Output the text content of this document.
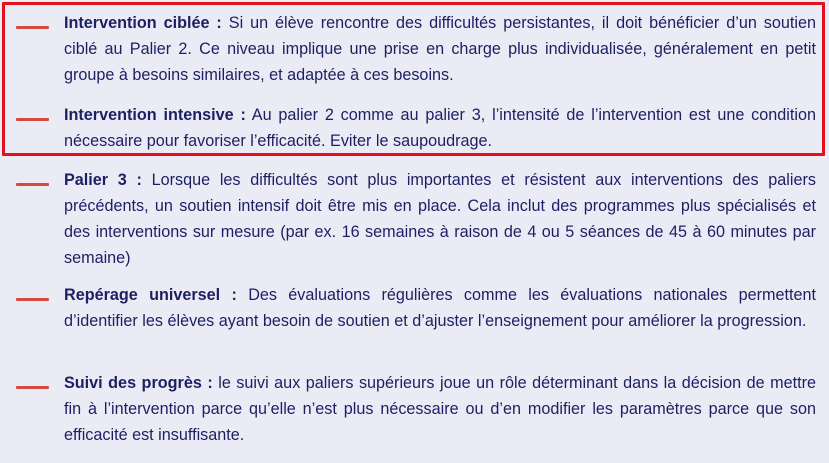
Intervention ciblée : Si un élève rencontre des difficultés persistantes, il doit bénéficier d’un soutien ciblé au Palier 2. Ce niveau implique une prise en charge plus individualisée, généralement en petit groupe à besoins similaires, et adaptée à ces besoins.
Intervention intensive : Au palier 2 comme au palier 3, l’intensité de l’intervention est une condition nécessaire pour favoriser l’efficacité. Eviter le saupoudrage.
Palier 3 : Lorsque les difficultés sont plus importantes et résistent aux interventions des paliers précédents, un soutien intensif doit être mis en place. Cela inclut des programmes plus spécialisés et des interventions sur mesure (par ex. 16 semaines à raison de 4 ou 5 séances de 45 à 60 minutes par semaine)
Repérage universel : Des évaluations régulières comme les évaluations nationales permettent d’identifier les élèves ayant besoin de soutien et d’ajuster l’enseignement pour améliorer la progression.
Suivi des progrès : le suivi aux paliers supérieurs joue un rôle déterminant dans la décision de mettre fin à l’intervention parce qu’elle n’est plus nécessaire ou d’en modifier les paramètres parce que son efficacité est insuffisante.
